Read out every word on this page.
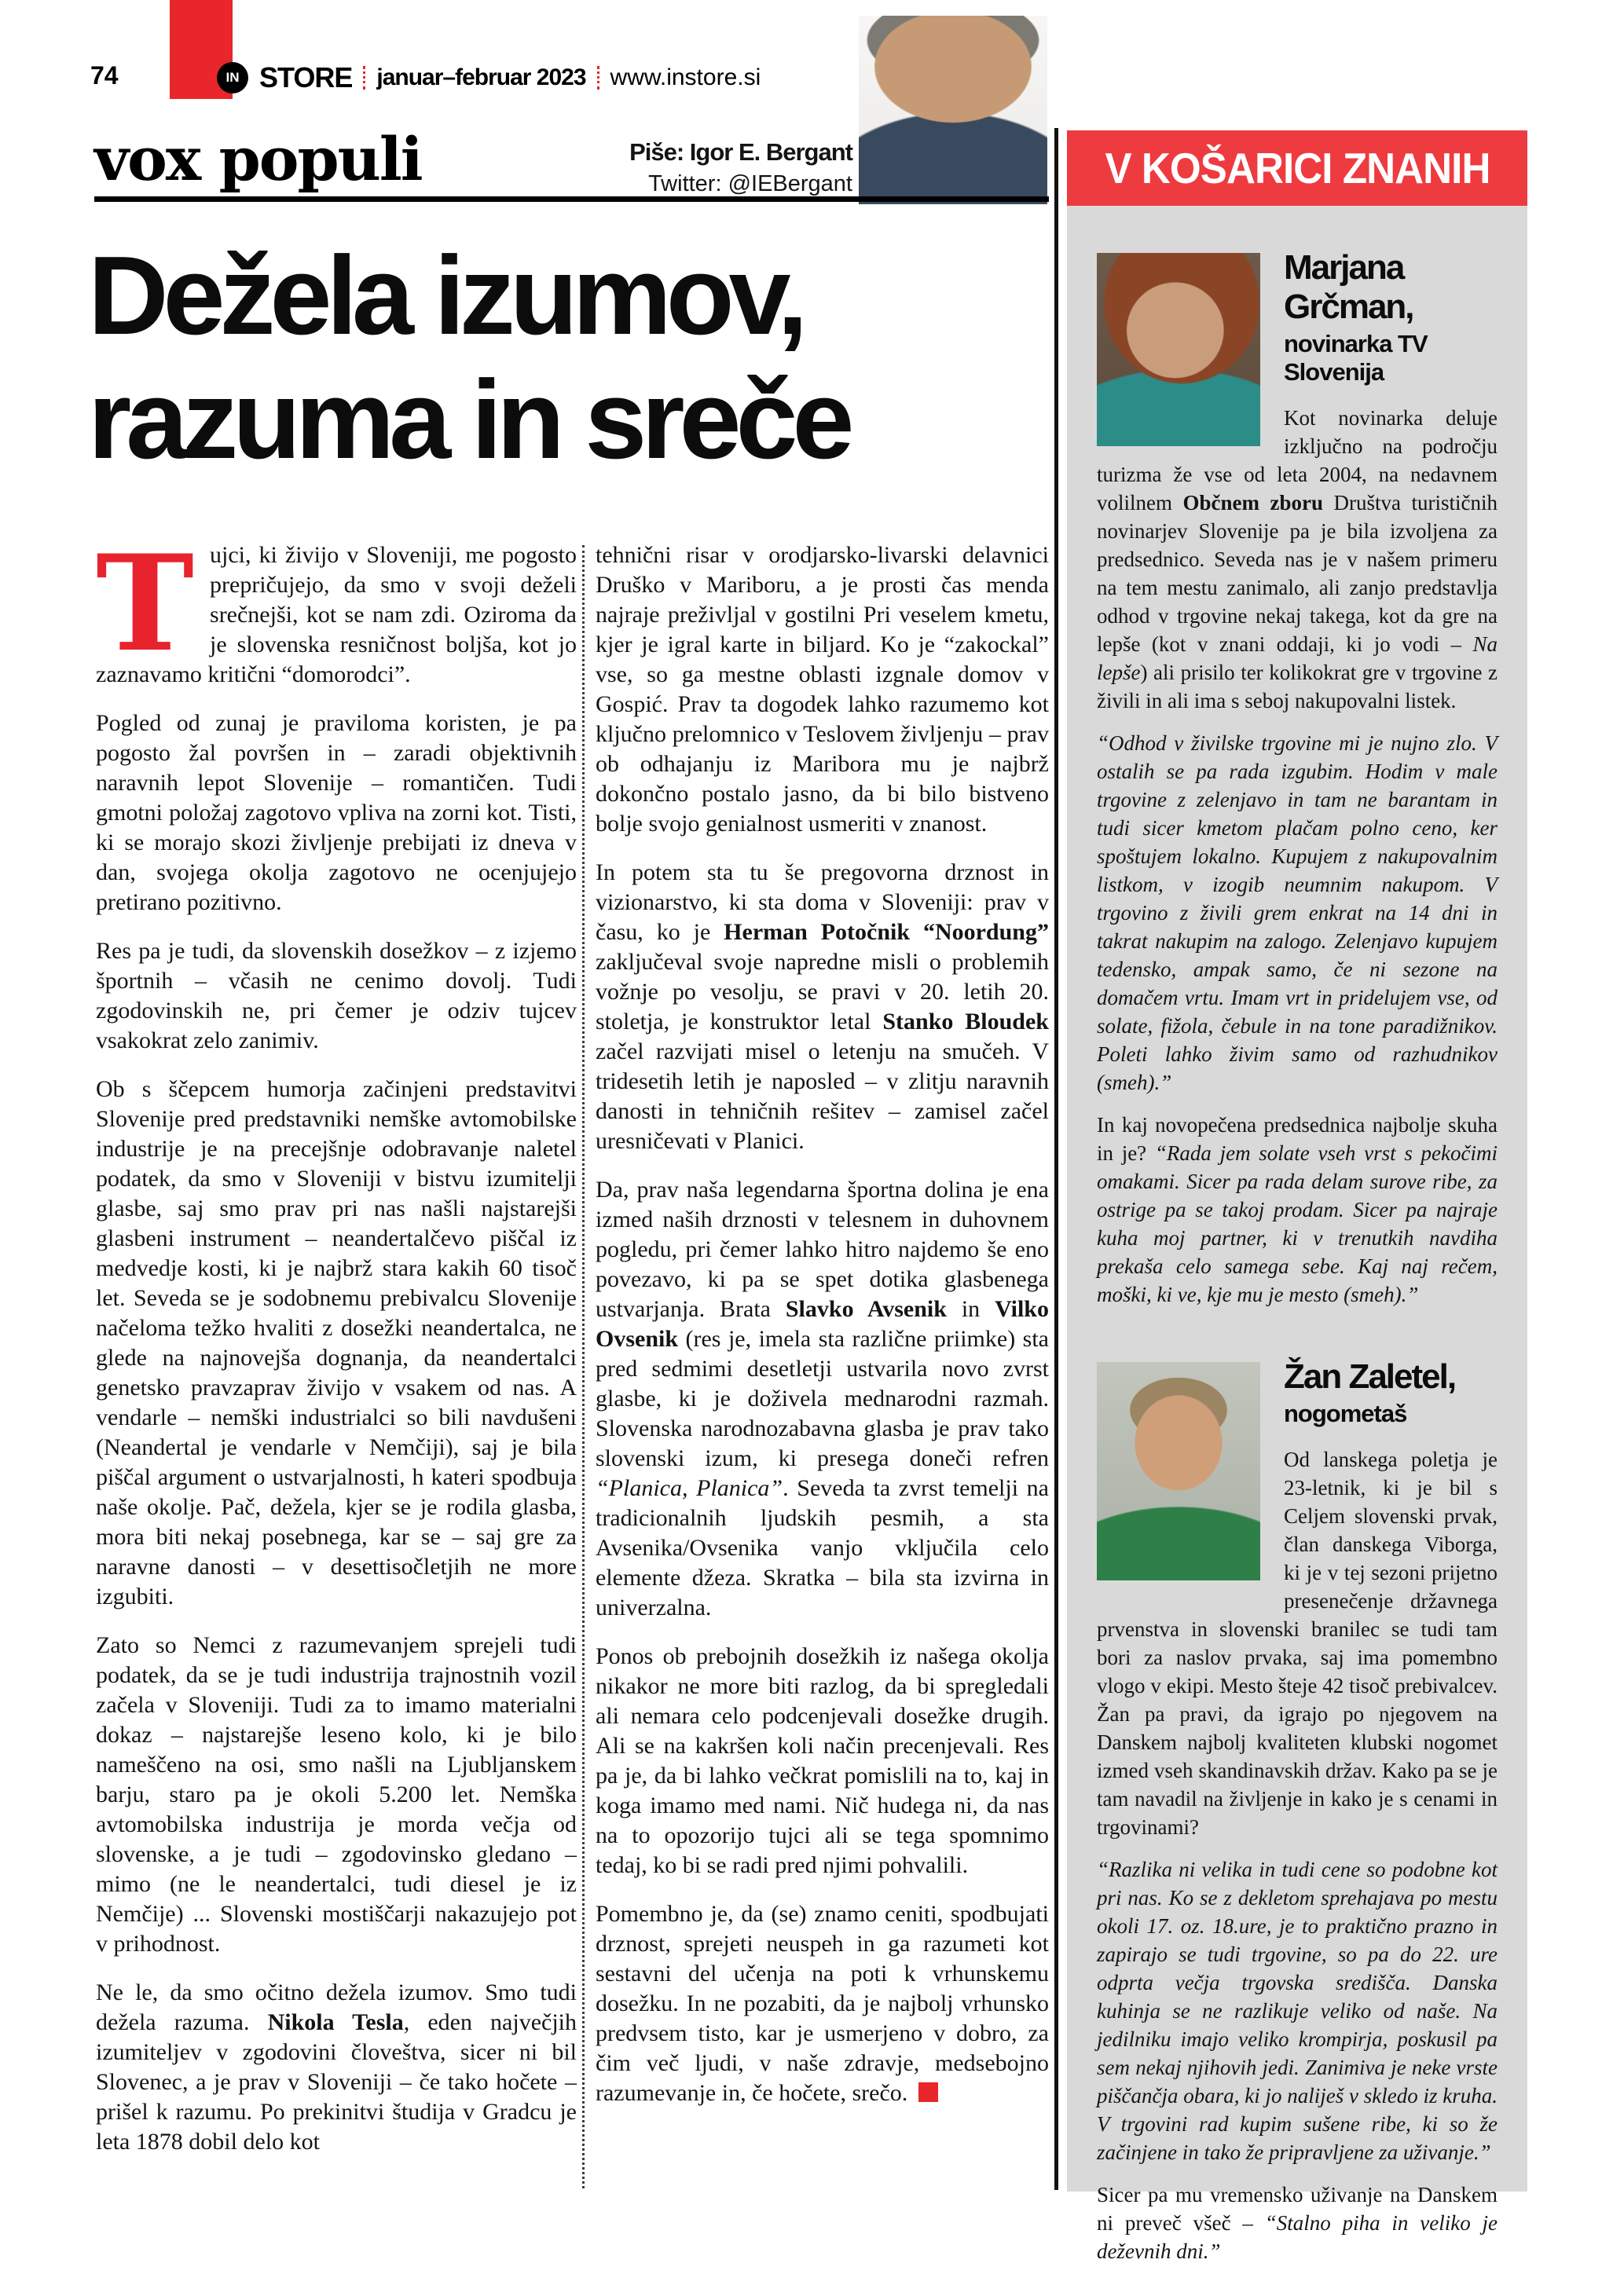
74	IN STORE januar–februar 2023 www.instore.si
vox populi	Piše: Igor E. Bergant
Twitter: @IEBergant
Dežela izumov,
razuma in sreče

Tujci, ki živijo v Sloveniji, me pogosto prepričujejo, da smo v svoji deželi srečnejši, kot se nam zdi. Oziroma da je slovenska resničnost boljša, kot jo zaznavamo kritični “domorodci”.

Pogled od zunaj je praviloma koristen, je pa pogosto žal površen in – zaradi objektivnih naravnih lepot Slovenije – romantičen. Tudi gmotni položaj zagotovo vpliva na zorni kot. Tisti, ki se morajo skozi življenje prebijati iz dneva v dan, svojega okolja zagotovo ne ocenjujejo pretirano pozitivno.

Res pa je tudi, da slovenskih dosežkov – z izjemo športnih – včasih ne cenimo dovolj. Tudi zgodovinskih ne, pri čemer je odziv tujcev vsakokrat zelo zanimiv.

Ob s ščepcem humorja začinjeni predstavitvi Slovenije pred predstavniki nemške avtomobilske industrije je na precejšnje odobravanje naletel podatek, da smo v Sloveniji v bistvu izumitelji glasbe, saj smo prav pri nas našli najstarejši glasbeni instrument – neandertalčevo piščal iz medvedje kosti, ki je najbrž stara kakih 60 tisoč let. Seveda se je sodobnemu prebivalcu Slovenije načeloma težko hvaliti z dosežki neandertalca, ne glede na najnovejša dognanja, da neandertalci genetsko pravzaprav živijo v vsakem od nas. A vendarle – nemški industrialci so bili navdušeni (Neandertal je vendarle v Nemčiji), saj je bila piščal argument o ustvarjalnosti, h kateri spodbuja naše okolje. Pač, dežela, kjer se je rodila glasba, mora biti nekaj posebnega, kar se – saj gre za naravne danosti – v desettisočletjih ne more izgubiti.

Zato so Nemci z razumevanjem sprejeli tudi podatek, da se je tudi industrija trajnostnih vozil začela v Sloveniji. Tudi za to imamo materialni dokaz – najstarejše leseno kolo, ki je bilo nameščeno na osi, smo našli na Ljubljanskem barju, staro pa je okoli 5.200 let. Nemška avtomobilska industrija je morda večja od slovenske, a je tudi – zgodovinsko gledano – mimo (ne le neandertalci, tudi diesel je iz Nemčije) ... Slovenski mostiščarji nakazujejo pot v prihodnost.

Ne le, da smo očitno dežela izumov. Smo tudi dežela razuma. Nikola Tesla, eden največjih izumiteljev v zgodovini človeštva, sicer ni bil Slovenec, a je prav v Sloveniji – če tako hočete – prišel k razumu. Po prekinitvi študija v Gradcu je leta 1878 dobil delo kot

tehnični risar v orodjarsko-livarski delavnici Druško v Mariboru, a je prosti čas menda najraje preživljal v gostilni Pri veselem kmetu, kjer je igral karte in biljard. Ko je “zakockal” vse, so ga mestne oblasti izgnale domov v Gospić. Prav ta dogodek lahko razumemo kot ključno prelomnico v Teslovem življenju – prav ob odhajanju iz Maribora mu je najbrž dokončno postalo jasno, da bi bilo bistveno bolje svojo genialnost usmeriti v znanost.

In potem sta tu še pregovorna drznost in vizionarstvo, ki sta doma v Sloveniji: prav v času, ko je Herman Potočnik “Noordung” zaključeval svoje napredne misli o problemih vožnje po vesolju, se pravi v 20. letih 20. stoletja, je konstruktor letal Stanko Bloudek začel razvijati misel o letenju na smučeh. V tridesetih letih je naposled – v zlitju naravnih danosti in tehničnih rešitev – zamisel začel uresničevati v Planici.

Da, prav naša legendarna športna dolina je ena izmed naših drznosti v telesnem in duhovnem pogledu, pri čemer lahko hitro najdemo še eno povezavo, ki pa se spet dotika glasbenega ustvarjanja. Brata Slavko Avsenik in Vilko Ovsenik (res je, imela sta različne priimke) sta pred sedmimi desetletji ustvarila novo zvrst glasbe, ki je doživela mednarodni razmah. Slovenska narodnozabavna glasba je prav tako slovenski izum, ki presega doneči refren “Planica, Planica”. Seveda ta zvrst temelji na tradicionalnih ljudskih pesmih, a sta Avsenika/Ovsenika vanjo vključila celo elemente džeza. Skratka – bila sta izvirna in univerzalna.

Ponos ob prebojnih dosežkih iz našega okolja nikakor ne more biti razlog, da bi spregledali ali nemara celo podcenjevali dosežke drugih. Ali se na kakršen koli način precenjevali. Res pa je, da bi lahko večkrat pomislili na to, kaj in koga imamo med nami. Nič hudega ni, da nas na to opozorijo tujci ali se tega spomnimo tedaj, ko bi se radi pred njimi pohvalili.

Pomembno je, da (se) znamo ceniti, spodbujati drznost, sprejeti neuspeh in ga razumeti kot sestavni del učenja na poti k vrhunskemu dosežku. In ne pozabiti, da je najbolj vrhunsko predvsem tisto, kar je usmerjeno v dobro, za čim več ljudi, v naše zdravje, medsebojno razumevanje in, če hočete, srečo.

V KOŠARICI ZNANIH
Marjana Grčman,
novinarka TV Slovenija

Kot novinarka deluje izključno na področju turizma že vse od leta 2004, na nedavnem volilnem Občnem zboru Društva turističnih novinarjev Slovenije pa je bila izvoljena za predsednico. Seveda nas je v našem primeru na tem mestu zanimalo, ali zanjo predstavlja odhod v trgovine nekaj takega, kot da gre na lepše (kot v znani oddaji, ki jo vodi – Na lepše) ali prisilo ter kolikokrat gre v trgovine z živili in ali ima s seboj nakupovalni listek.

“Odhod v živilske trgovine mi je nujno zlo. V ostalih se pa rada izgubim. Hodim v male trgovine z zelenjavo in tam ne barantam in tudi sicer kmetom plačam polno ceno, ker spoštujem lokalno. Kupujem z nakupovalnim listkom, v izogib neumnim nakupom. V trgovino z živili grem enkrat na 14 dni in takrat nakupim na zalogo. Zelenjavo kupujem tedensko, ampak samo, če ni sezone na domačem vrtu. Imam vrt in pridelujem vse, od solate, fižola, čebule in na tone paradižnikov. Poleti lahko živim samo od razhudnikov (smeh).”

In kaj novopečena predsednica najbolje skuha in je? “Rada jem solate vseh vrst s pekočimi omakami. Sicer pa rada delam surove ribe, za ostrige pa se takoj prodam. Sicer pa najraje kuha moj partner, ki v trenutkih navdiha prekaša celo samega sebe. Kaj naj rečem, moški, ki ve, kje mu je mesto (smeh).”

Žan Zaletel,
nogometaš

Od lanskega poletja je 23-letnik, ki je bil s Celjem slovenski prvak, član danskega Viborga, ki je v tej sezoni prijetno presenečenje državnega prvenstva in slovenski branilec se tudi tam bori za naslov prvaka, saj ima pomembno vlogo v ekipi. Mesto šteje 42 tisoč prebivalcev. Žan pa pravi, da igrajo po njegovem na Danskem najbolj kvaliteten klubski nogomet izmed vseh skandinavskih držav. Kako pa se je tam navadil na življenje in kako je s cenami in trgovinami?

“Razlika ni velika in tudi cene so podobne kot pri nas. Ko se z dekletom sprehajava po mestu okoli 17. oz. 18.ure, je to praktično prazno in zapirajo se tudi trgovine, so pa do 22. ure odprta večja trgovska središča. Danska kuhinja se ne razlikuje veliko od naše. Na jedilniku imajo veliko krompirja, poskusil pa sem nekaj njihovih jedi. Zanimiva je neke vrste piščančja obara, ki jo naliješ v skledo iz kruha. V trgovini rad kupim sušene ribe, ki so že začinjene in tako že pripravljene za uživanje.”

Sicer pa mu vremensko uživanje na Danskem ni preveč všeč – “Stalno piha in veliko je deževnih dni.”
